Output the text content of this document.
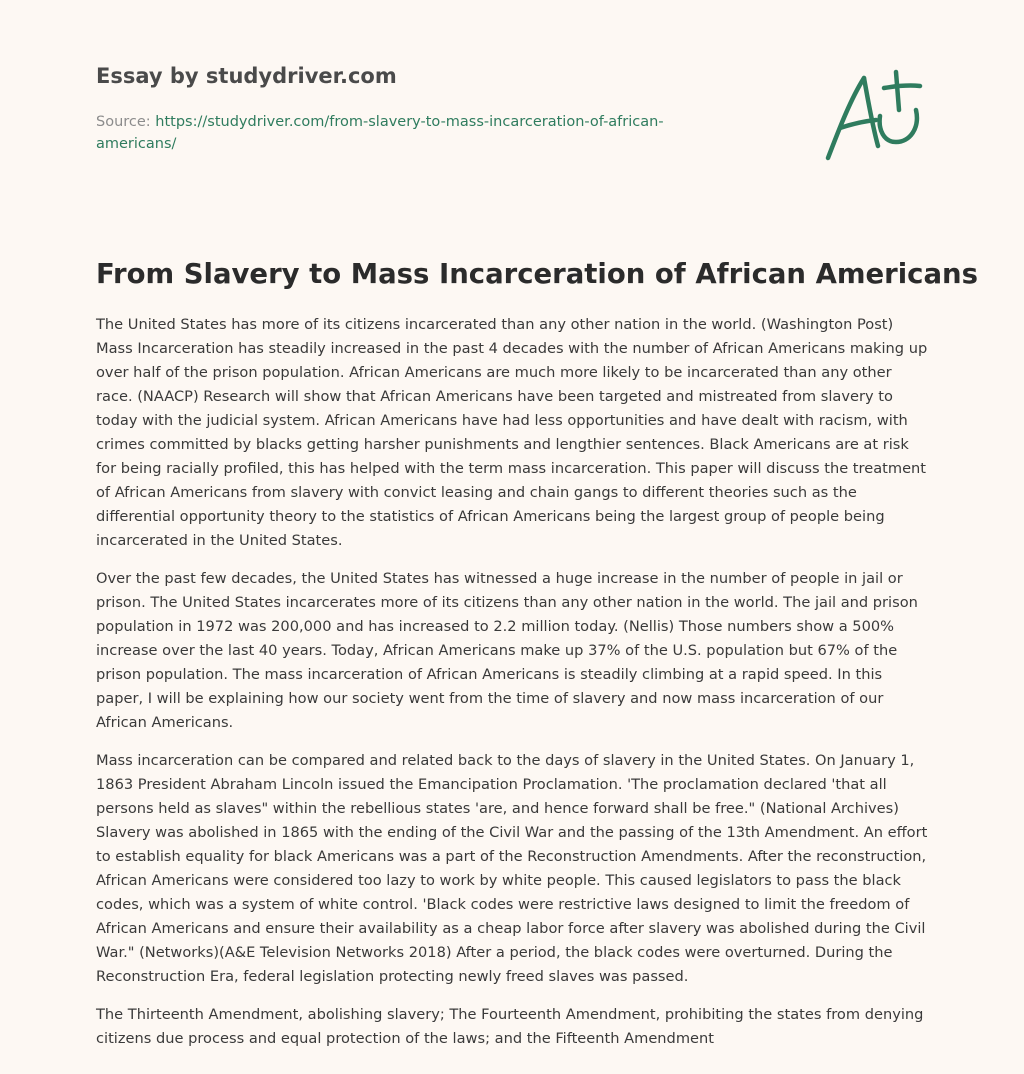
Essay by studydriver.com
Source: https://studydriver.com/from-slavery-to-mass-incarceration-of-african-americans/
From Slavery to Mass Incarceration of African Americans

The United States has more of its citizens incarcerated than any other nation in the world. (Washington Post) Mass Incarceration has steadily increased in the past 4 decades with the number of African Americans making up over half of the prison population. African Americans are much more likely to be incarcerated than any other race. (NAACP) Research will show that African Americans have been targeted and mistreated from slavery to today with the judicial system. African Americans have had less opportunities and have dealt with racism, with crimes committed by blacks getting harsher punishments and lengthier sentences. Black Americans are at risk for being racially profiled, this has helped with the term mass incarceration. This paper will discuss the treatment of African Americans from slavery with convict leasing and chain gangs to different theories such as the differential opportunity theory to the statistics of African Americans being the largest group of people being incarcerated in the United States.

Over the past few decades, the United States has witnessed a huge increase in the number of people in jail or prison. The United States incarcerates more of its citizens than any other nation in the world. The jail and prison population in 1972 was 200,000 and has increased to 2.2 million today. (Nellis) Those numbers show a 500% increase over the last 40 years. Today, African Americans make up 37% of the U.S. population but 67% of the prison population. The mass incarceration of African Americans is steadily climbing at a rapid speed. In this paper, I will be explaining how our society went from the time of slavery and now mass incarceration of our African Americans.

Mass incarceration can be compared and related back to the days of slavery in the United States. On January 1, 1863 President Abraham Lincoln issued the Emancipation Proclamation. 'The proclamation declared 'that all persons held as slaves" within the rebellious states 'are, and hence forward shall be free." (National Archives) Slavery was abolished in 1865 with the ending of the Civil War and the passing of the 13th Amendment. An effort to establish equality for black Americans was a part of the Reconstruction Amendments. After the reconstruction, African Americans were considered too lazy to work by white people. This caused legislators to pass the black codes, which was a system of white control. 'Black codes were restrictive laws designed to limit the freedom of African Americans and ensure their availability as a cheap labor force after slavery was abolished during the Civil War." (Networks)(A&E Television Networks 2018) After a period, the black codes were overturned. During the Reconstruction Era, federal legislation protecting newly freed slaves was passed.

The Thirteenth Amendment, abolishing slavery; The Fourteenth Amendment, prohibiting the states from denying citizens due process and equal protection of the laws; and the Fifteenth Amendment
